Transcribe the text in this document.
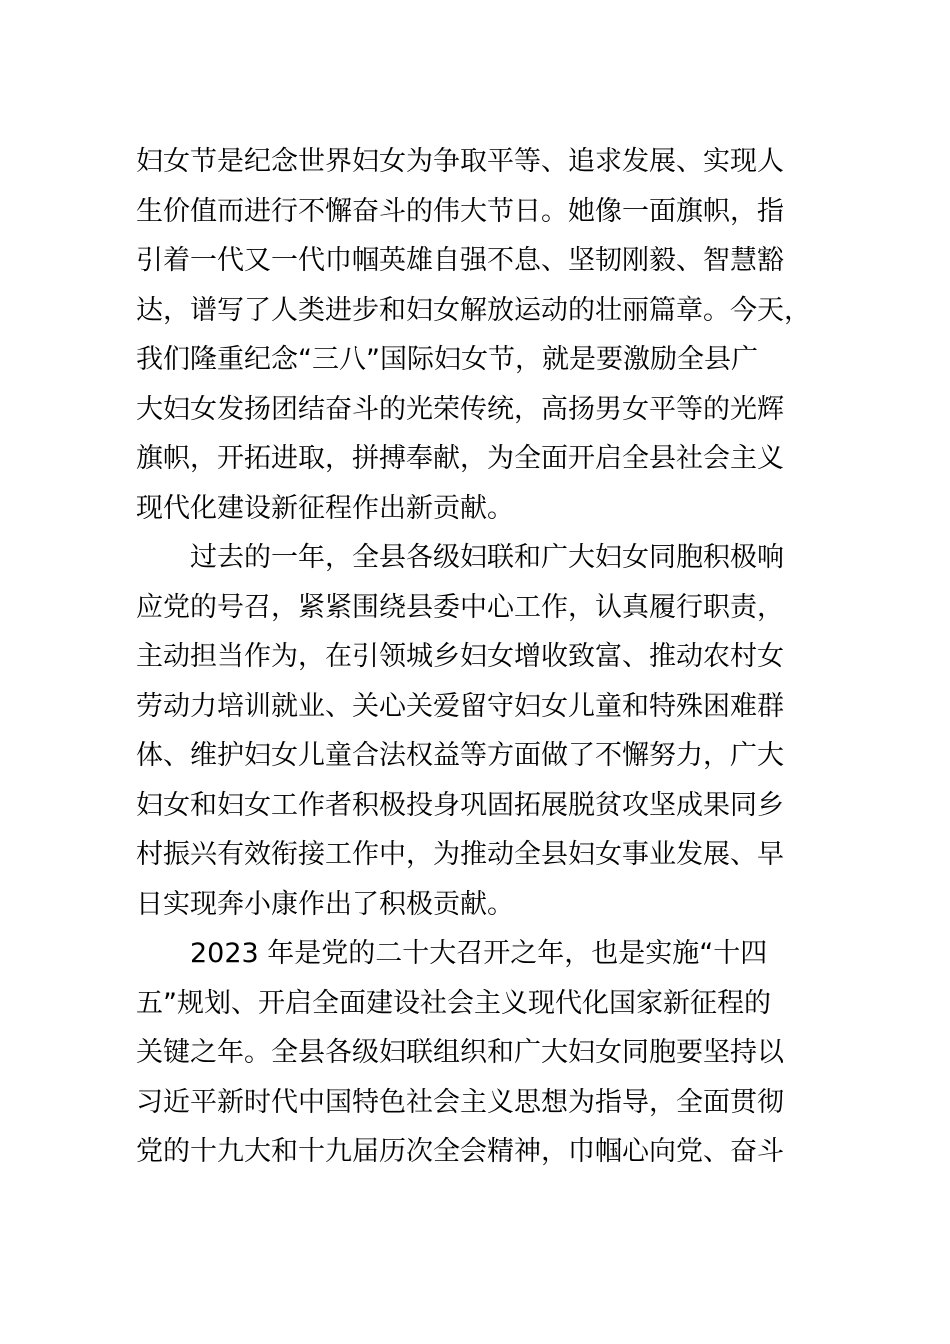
妇女节是纪念世界妇女为争取平等、追求发展、实现人
生价值而进行不懈奋斗的伟大节日。她像一面旗帜，指
引着一代又一代巾帼英雄自强不息、坚韧刚毅、智慧豁
达，谱写了人类进步和妇女解放运动的壮丽篇章。今天，
我们隆重纪念“三八”国际妇女节，就是要激励全县广
大妇女发扬团结奋斗的光荣传统，高扬男女平等的光辉
旗帜，开拓进取，拼搏奉献，为全面开启全县社会主义
现代化建设新征程作出新贡献。
　　过去的一年，全县各级妇联和广大妇女同胞积极响
应党的号召，紧紧围绕县委中心工作，认真履行职责，
主动担当作为，在引领城乡妇女增收致富、推动农村女
劳动力培训就业、关心关爱留守妇女儿童和特殊困难群
体、维护妇女儿童合法权益等方面做了不懈努力，广大
妇女和妇女工作者积极投身巩固拓展脱贫攻坚成果同乡
村振兴有效衔接工作中，为推动全县妇女事业发展、早
日实现奔小康作出了积极贡献。
　　2023 年是党的二十大召开之年，也是实施“十四
五”规划、开启全面建设社会主义现代化国家新征程的
关键之年。全县各级妇联组织和广大妇女同胞要坚持以
习近平新时代中国特色社会主义思想为指导，全面贯彻
党的十九大和十九届历次全会精神，巾帼心向党、奋斗
